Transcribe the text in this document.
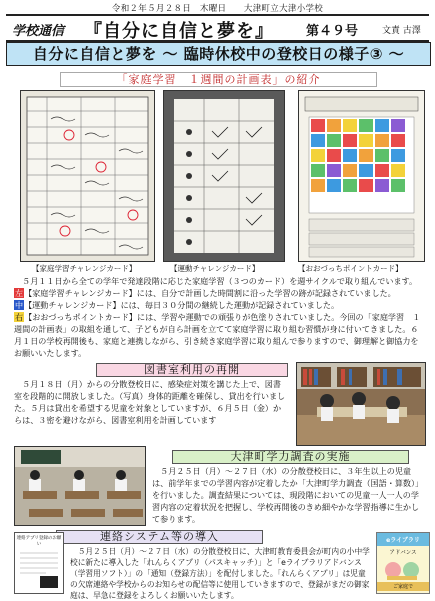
令和２年５月２８日　木曜日　　大津町立大津小学校
学校通信 『自分に自信と夢を』 第４９号	文責 古澤
自分に自信と夢を ～ 臨時休校中の登校日の様子③ ～
「家庭学習　１週間の計画表」の紹介
【家庭学習チャレンジカード】	【運動チャレンジカード】	【おおづっちポイントカード】
５月１１日から全ての学年で発達段階に応じた家庭学習（３つのカード）を週サイクルで取り組んでいます。
左【家庭学習チャレンジカード】には、自分で計画した時間割に沿った学習の跡が記録されていました。
中【運動チャレンジカード】には、毎日３０分間の継続した運動が記録されていました。
右【おおづっちポイントカード】には、学習や運動での頑張りが色塗りされていました。今回の「家庭学習　１週間の計画表」の取組を通して、子どもが自ら計画を立てて家庭学習に取り組む習慣が身に付いてきました。６月１日の学校再開後も、家庭と連携しながら、引き続き家庭学習に取り組んで参りますので、御理解と御協力をお願いいたします。
図書室利用の再開
５月１８日（月）からの分散登校日に、感染症対策を講じた上で、図書室を段階的に開放しました。（写真）身体的距離を確保し、貸出を行いました。５月は貸出を希望する児童を対象としていますが、６月５日（金）からは、３密を避けながら、図書室利用を計画しています
大津町学力調査の実施
５月２５日（月）～２７日（水）の分散登校日に、３年生以上の児童は、前学年までの学習内容が定着したか「大津町学力調査（国語・算数）」を行いました。調査結果については、現段階においての児童一人一人の学習内容の定着状況を把握し、学校再開後のきめ細やかな学習指導に生かして参ります。
連絡システム等の導入
連絡アプリ登録のお願い
５月２５日（月）～２７日（水）の分散登校日に、大津町教育委員会が町内の小中学校に新たに導入した「れんらくアプリ（パスキャッチ）」と「eライブラリアドバンス（学習用ソフト）」の「通知（登録方法）」を配付しました。「れんらくアプリ」は児童の欠席連絡や学校からのお知らせの配信等に使用していきますので、登録がまだの御家庭は、早急に登録をよろしくお願いいたします。
eライブラリ
アドバンス
ご家庭で
